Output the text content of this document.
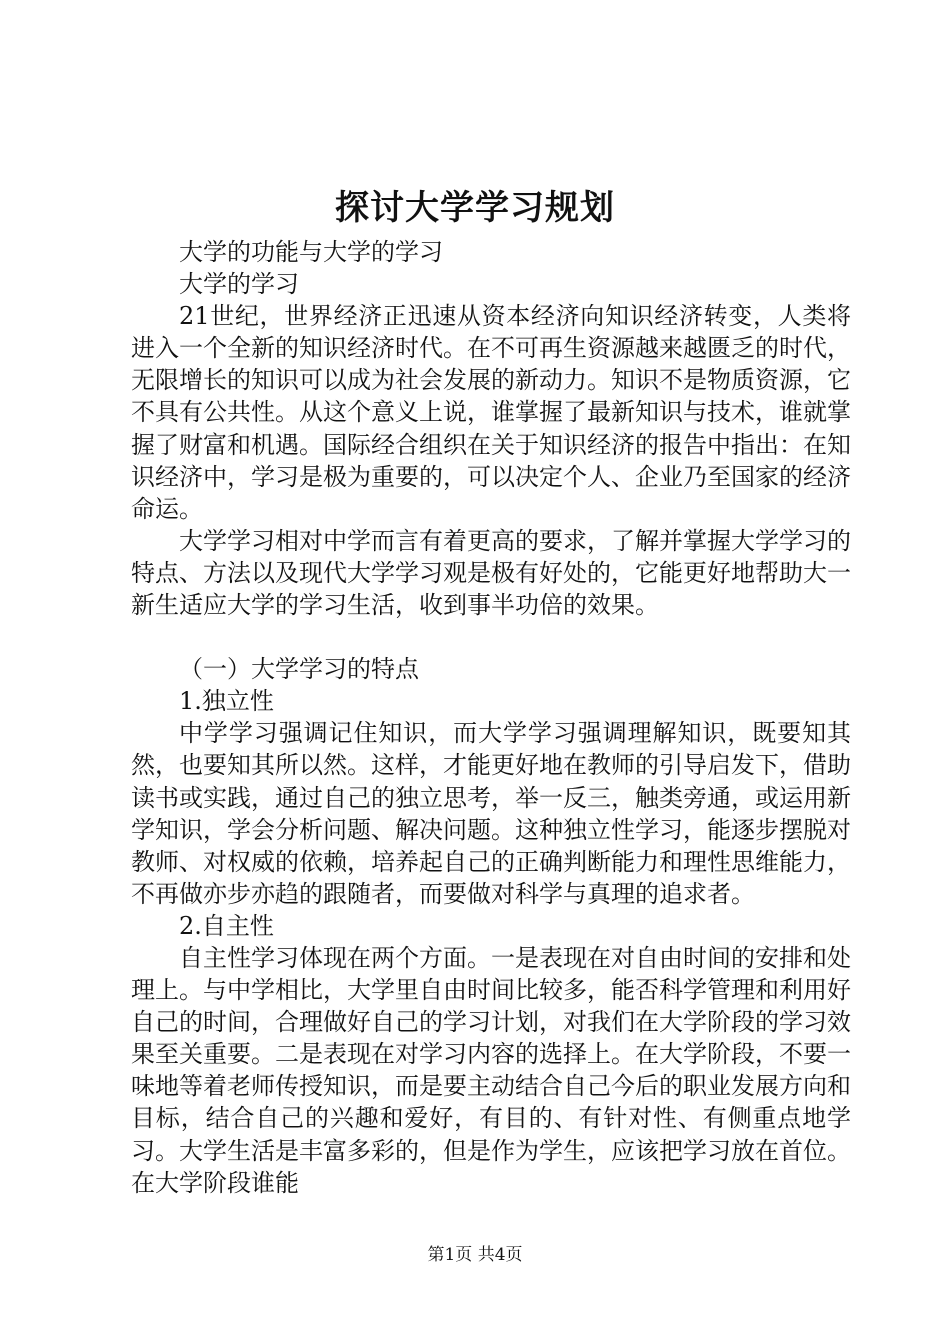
探讨大学学习规划

大学的功能与大学的学习

大学的学习

21世纪，世界经济正迅速从资本经济向知识经济转变，人类将进入一个全新的知识经济时代。在不可再生资源越来越匮乏的时代，无限增长的知识可以成为社会发展的新动力。知识不是物质资源，它不具有公共性。从这个意义上说，谁掌握了最新知识与技术，谁就掌握了财富和机遇。国际经合组织在关于知识经济的报告中指出：在知识经济中，学习是极为重要的，可以决定个人、企业乃至国家的经济命运。

大学学习相对中学而言有着更高的要求，了解并掌握大学学习的特点、方法以及现代大学学习观是极有好处的，它能更好地帮助大一新生适应大学的学习生活，收到事半功倍的效果。

（一）大学学习的特点

1.独立性

中学学习强调记住知识，而大学学习强调理解知识，既要知其然，也要知其所以然。这样，才能更好地在教师的引导启发下，借助读书或实践，通过自己的独立思考，举一反三，触类旁通，或运用新学知识，学会分析问题、解决问题。这种独立性学习，能逐步摆脱对教师、对权威的依赖，培养起自己的正确判断能力和理性思维能力，不再做亦步亦趋的跟随者，而要做对科学与真理的追求者。

2.自主性

自主性学习体现在两个方面。一是表现在对自由时间的安排和处理上。与中学相比，大学里自由时间比较多，能否科学管理和利用好自己的时间，合理做好自己的学习计划，对我们在大学阶段的学习效果至关重要。二是表现在对学习内容的选择上。在大学阶段，不要一味地等着老师传授知识，而是要主动结合自己今后的职业发展方向和目标，结合自己的兴趣和爱好，有目的、有针对性、有侧重点地学习。大学生活是丰富多彩的，但是作为学生，应该把学习放在首位。在大学阶段谁能

第1页 共4页
